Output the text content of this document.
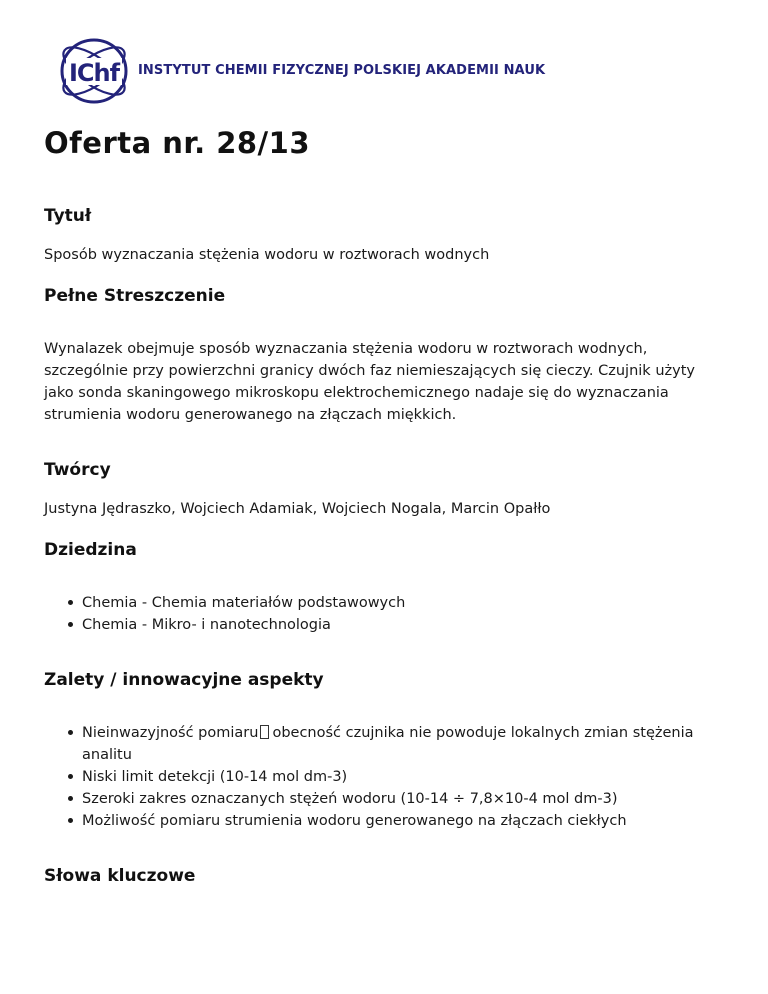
IChf INSTYTUT CHEMII FIZYCZNEJ POLSKIEJ AKADEMII NAUK
Oferta nr. 28/13
Tytuł

Sposób wyznaczania stężenia wodoru w roztworach wodnych

Pełne Streszczenie

Wynalazek obejmuje sposób wyznaczania stężenia wodoru w roztworach wodnych, szczególnie przy powierzchni granicy dwóch faz niemieszających się cieczy. Czujnik użyty jako sonda skaningowego mikroskopu elektrochemicznego nadaje się do wyznaczania strumienia wodoru generowanego na złączach miękkich.

Twórcy

Justyna Jędraszko, Wojciech Adamiak, Wojciech Nogala, Marcin Opałło

Dziedzina
Chemia - Chemia materiałów podstawowych
Chemia - Mikro- i nanotechnologia
Zalety / innowacyjne aspekty
Nieinwazyjność pomiaru obecność czujnika nie powoduje lokalnych zmian stężenia analitu
Niski limit detekcji (10-14 mol dm-3)
Szeroki zakres oznaczanych stężeń wodoru (10-14 ÷ 7,8×10-4 mol dm-3)
Możliwość pomiaru strumienia wodoru generowanego na złączach ciekłych
Słowa kluczowe
